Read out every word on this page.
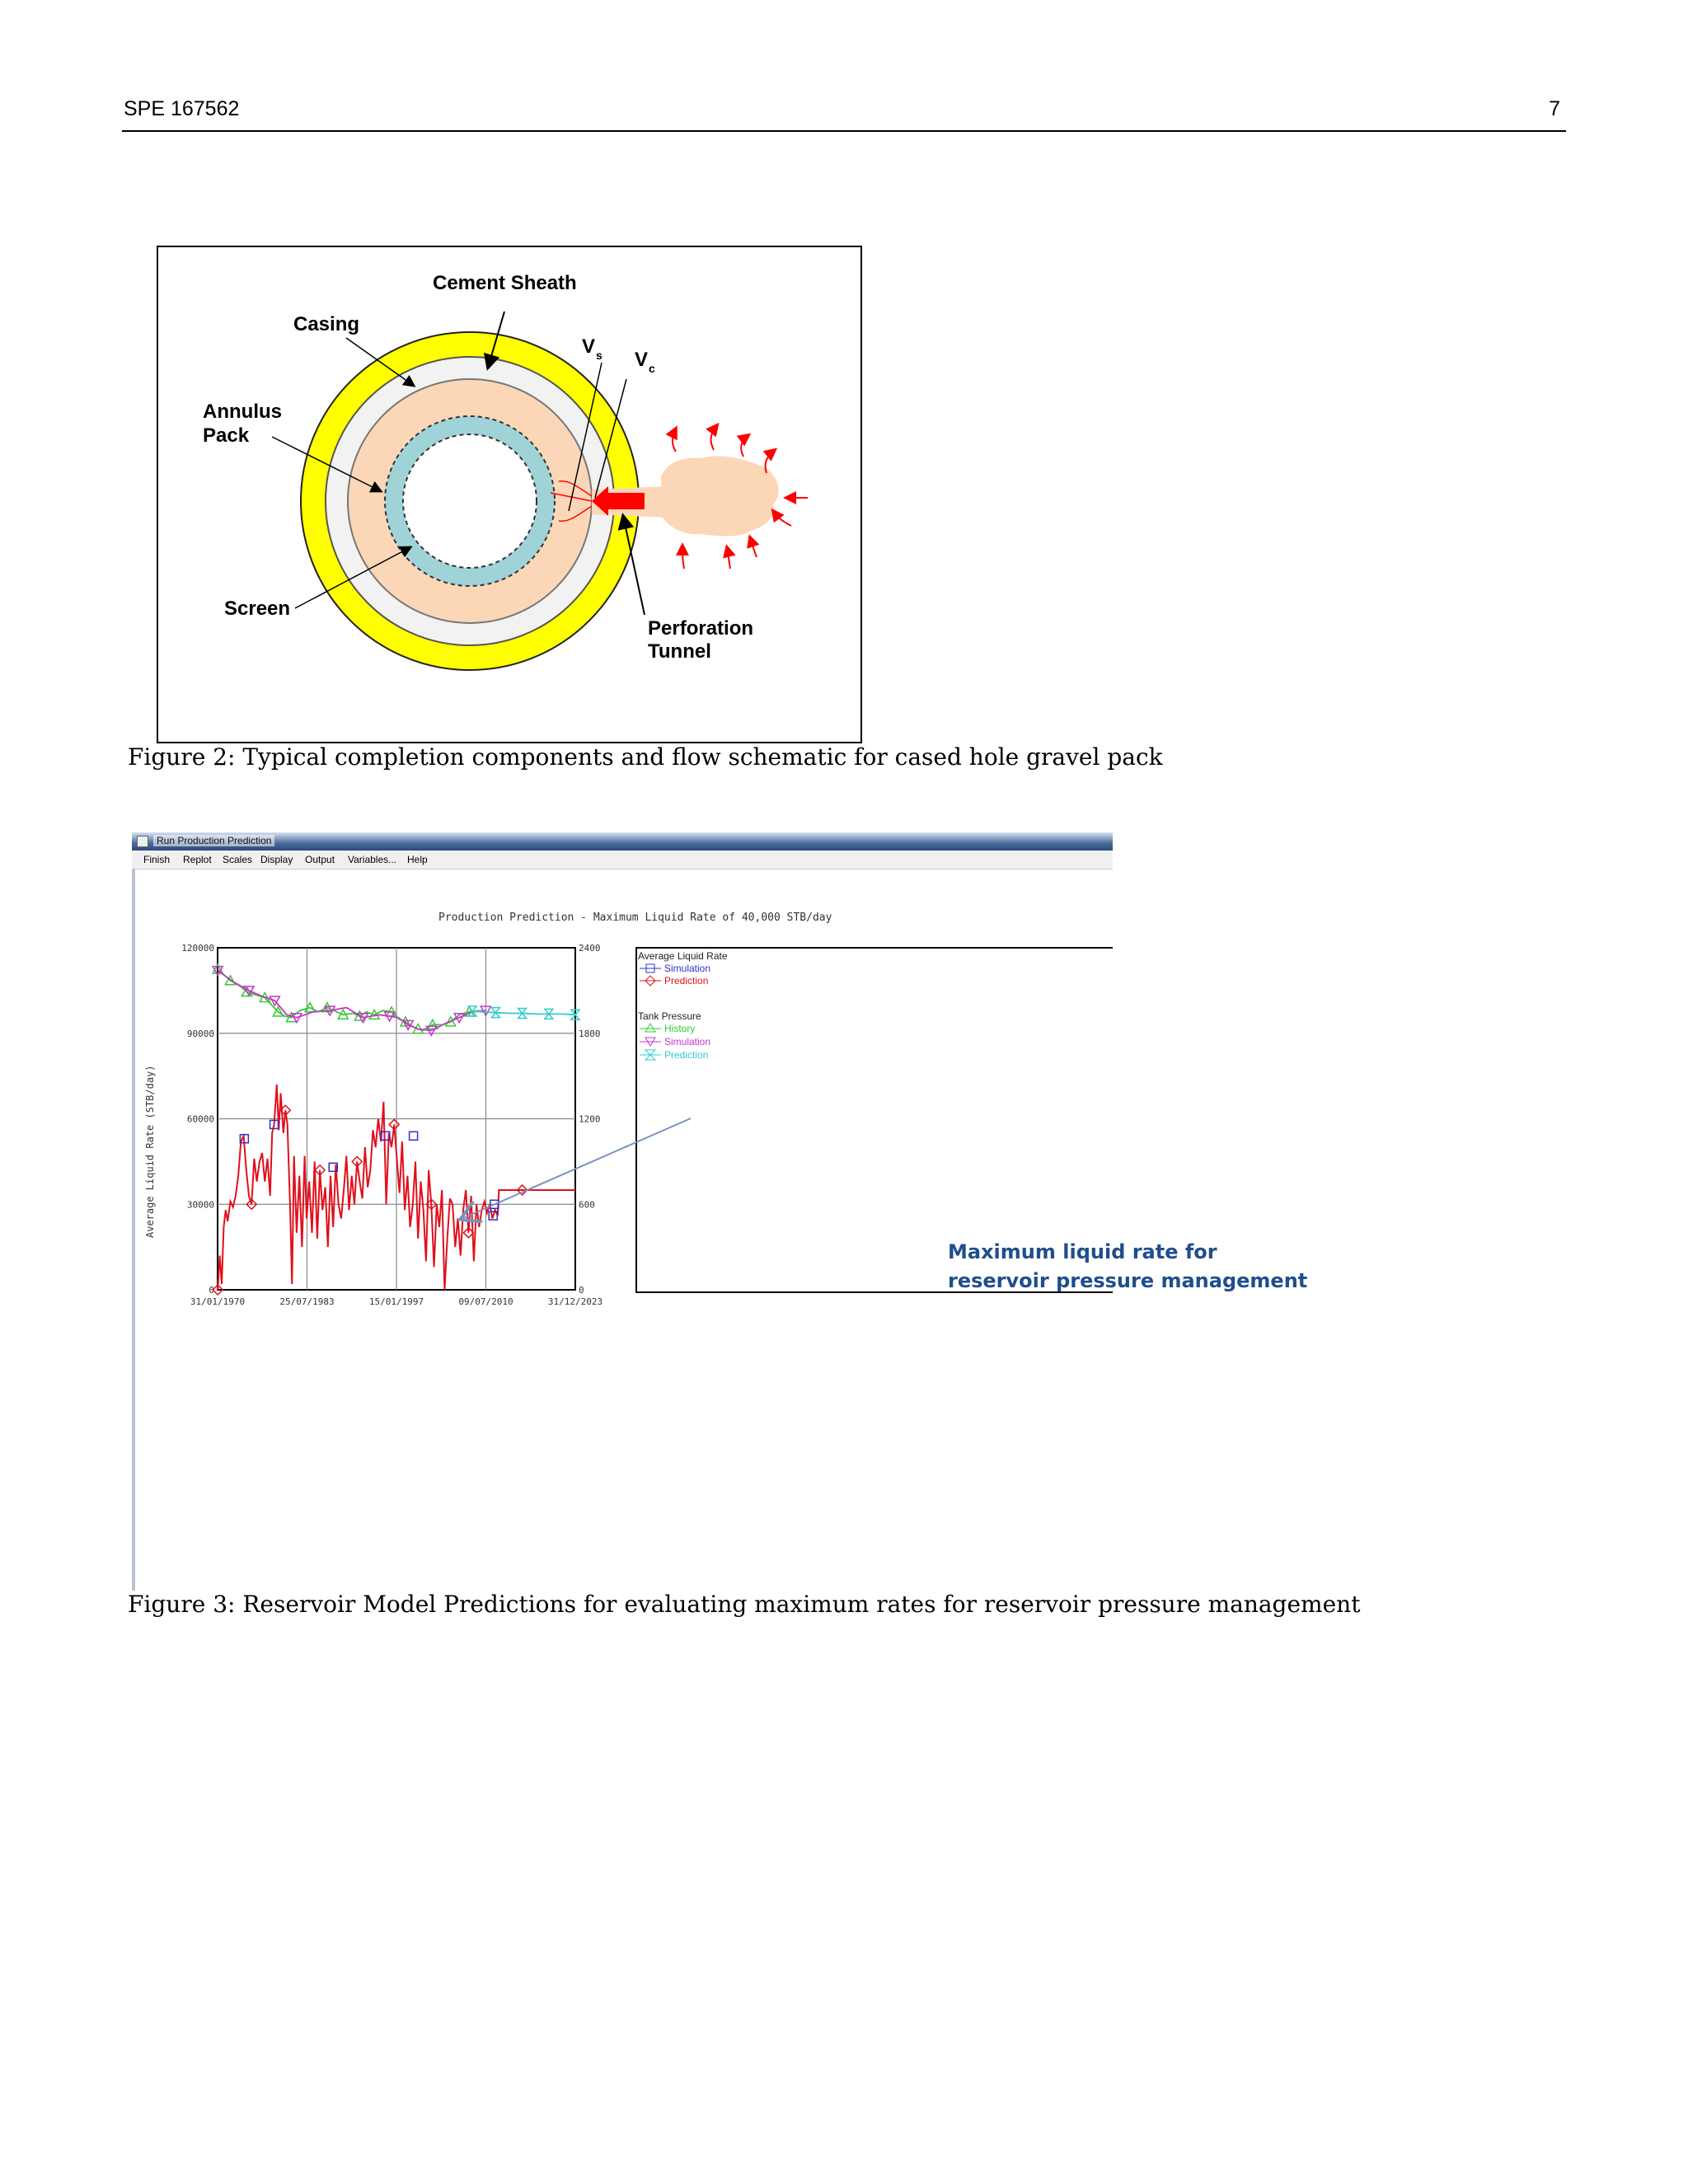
SPE 167562	7
Cement Sheath
Casing
Annulus
Pack
Screen
V s V c
Perforation
Tunnel
Figure 2: Typical completion components and flow schematic for cased hole gravel pack
Run Production Prediction
Finish Replot Scales Display Output Variables... Help
Production Prediction - Maximum Liquid Rate of 40,000 STB/day
0
30000
60000
90000
120000
0
600
1200
1800
2400
31/01/1970	25/07/1983	15/01/1997	09/07/2010	31/12/2023
Average Liquid Rate (STB/day)
Average Liquid Rate
Simulation
Prediction
Tank Pressure
History
Simulation
Prediction
Maximum liquid rate for
reservoir pressure management
Figure 3: Reservoir Model Predictions for evaluating maximum rates for reservoir pressure management
